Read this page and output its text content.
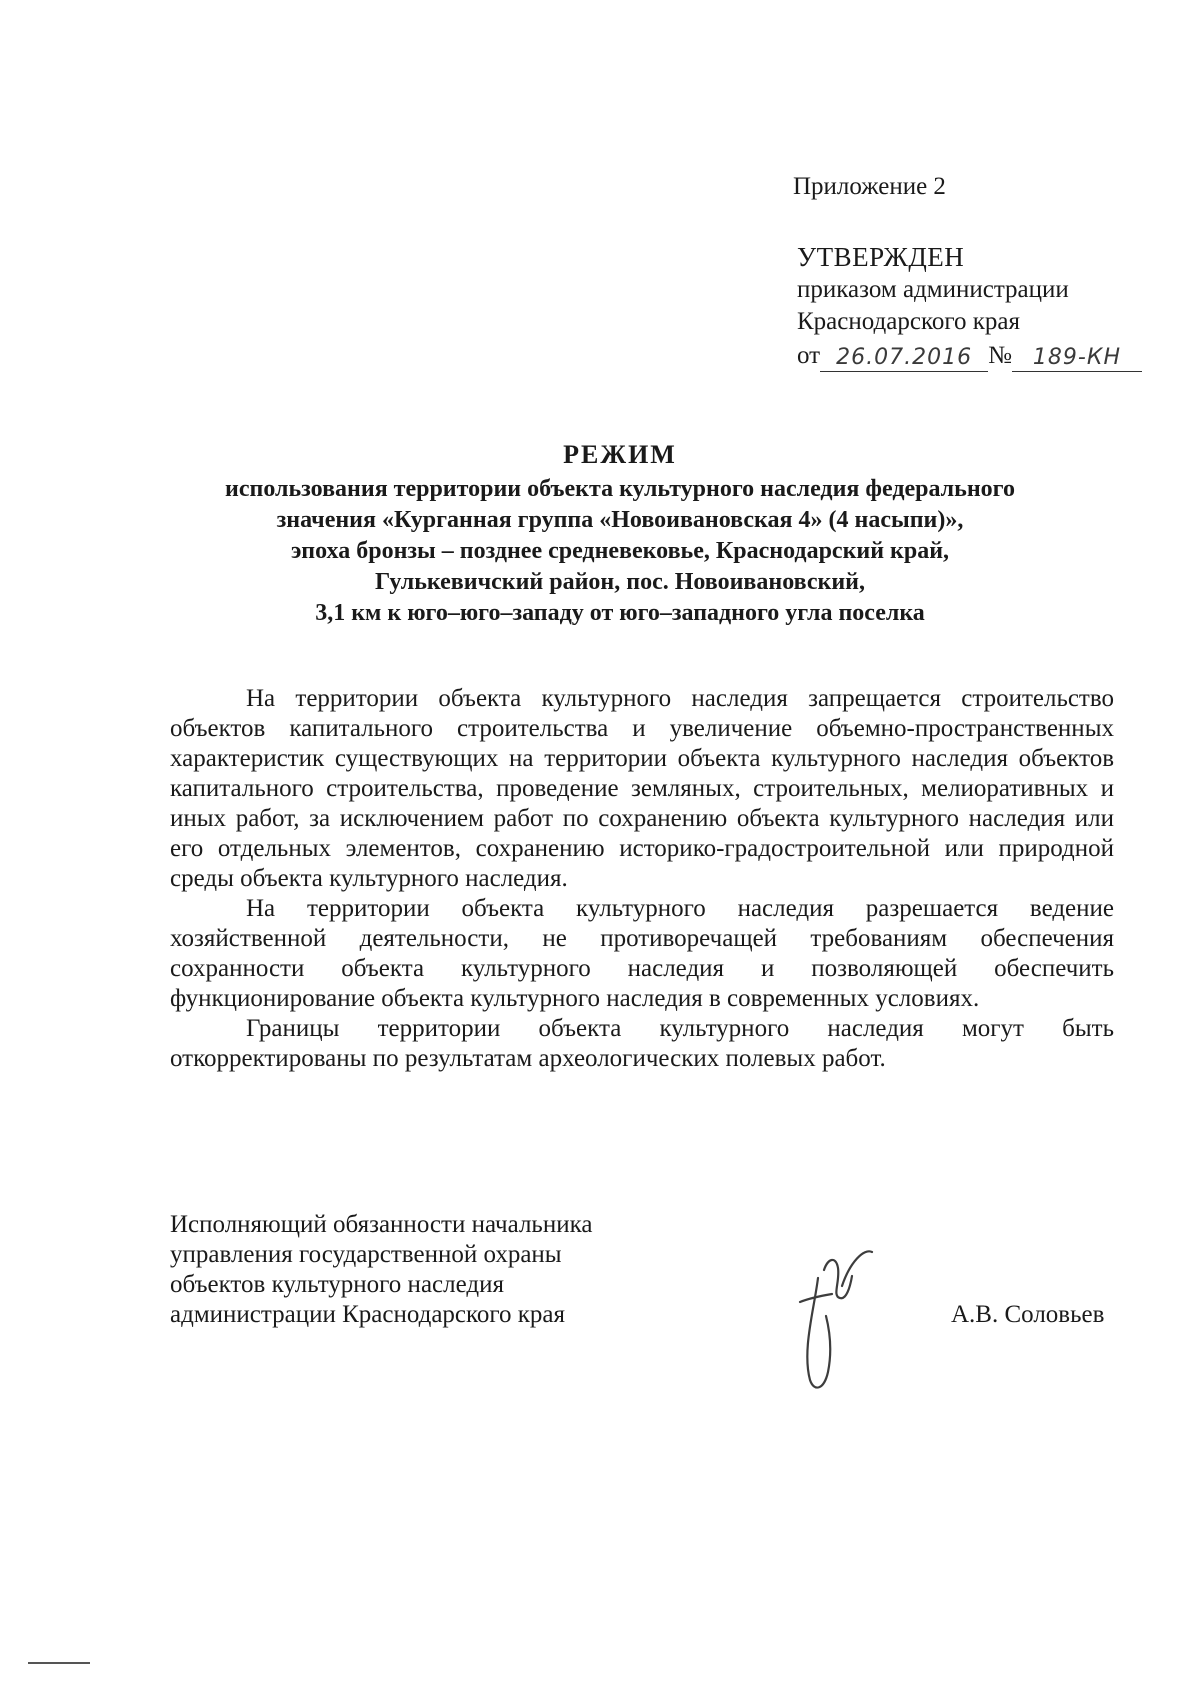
Приложение 2
УТВЕРЖДЕН
приказом администрации
Краснодарского края
от 26.07.2016 № 189-КН
РЕЖИМ
использования территории объекта культурного наследия федерального
значения «Курганная группа «Новоивановская 4» (4 насыпи)»,
эпоха бронзы – позднее средневековье, Краснодарский край,
Гулькевичский район, пос. Новоивановский,
3,1 км к юго–юго–западу от юго–западного угла поселка

На территории объекта культурного наследия запрещается строительство объектов капитального строительства и увеличение объемно-пространственных характеристик существующих на территории объекта культурного наследия объектов капитального строительства, проведение земляных, строительных, мелиоративных и иных работ, за исключением работ по сохранению объекта культурного наследия или его отдельных элементов, сохранению историко-градостроительной или природной среды объекта культурного наследия.

На территории объекта культурного наследия разрешается ведение хозяйственной деятельности, не противоречащей требованиям обеспечения сохранности объекта культурного наследия и позволяющей обеспечить функционирование объекта культурного наследия в современных условиях.

Границы территории объекта культурного наследия могут быть откорректированы по результатам археологических полевых работ.

Исполняющий обязанности начальника
управления государственной охраны
объектов культурного наследия
администрации Краснодарского края	А.В. Соловьев
